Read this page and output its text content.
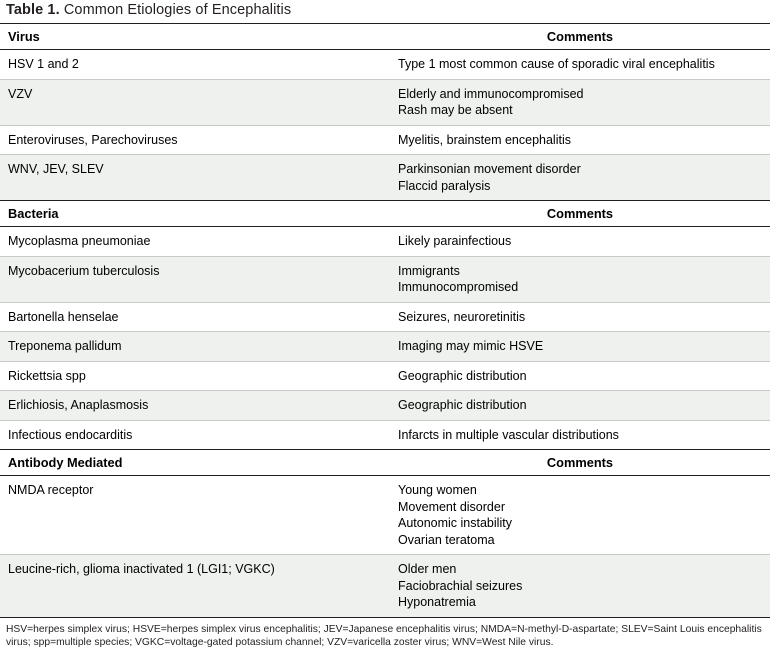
Table 1. Common Etiologies of Encephalitis
Virus	Comments
HSV 1 and 2	Type 1 most common cause of sporadic viral encephalitis

VZV	Elderly and immunocompromised
Rash may be absent

Enteroviruses, Parechoviruses	Myelitis, brainstem encephalitis

WNV, JEV, SLEV	Parkinsonian movement disorder
Flaccid paralysis

Bacteria	Comments
Mycoplasma pneumoniae	Likely parainfectious

Mycobacerium tuberculosis	Immigrants
Immunocompromised

Bartonella henselae	Seizures, neuroretinitis

Treponema pallidum	Imaging may mimic HSVE

Rickettsia spp	Geographic distribution

Erlichiosis, Anaplasmosis	Geographic distribution

Infectious endocarditis	Infarcts in multiple vascular distributions

Antibody Mediated	Comments
NMDA receptor	Young women
Movement disorder
Autonomic instability
Ovarian teratoma

Leucine-rich, glioma inactivated 1 (LGI1; VGKC)	Older men
Faciobrachial seizures
Hyponatremia
HSV=herpes simplex virus; HSVE=herpes simplex virus encephalitis; JEV=Japanese encephalitis virus; NMDA=N-methyl-D-aspartate; SLEV=Saint Louis encephalitis virus; spp=multiple species; VGKC=voltage-gated potassium channel; VZV=varicella zoster virus; WNV=West Nile virus.
